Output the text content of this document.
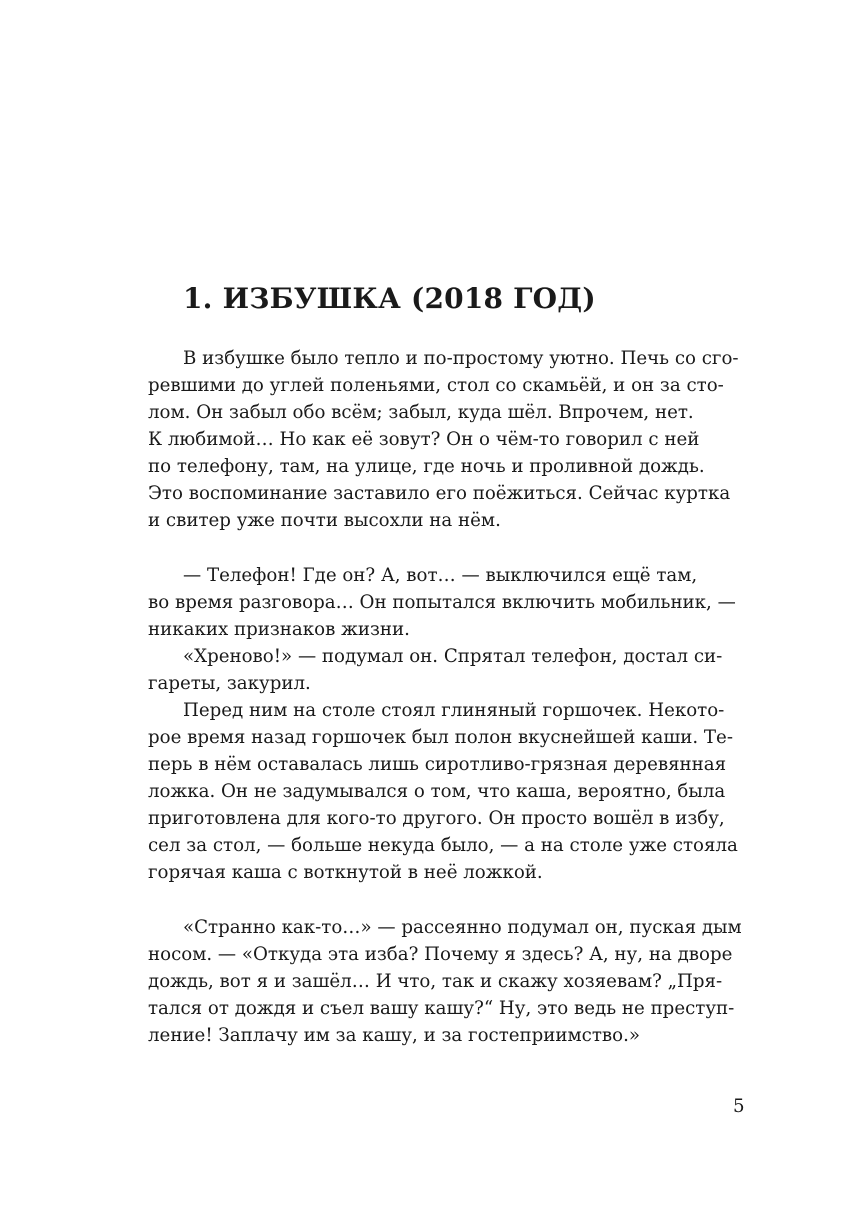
1. ИЗБУШКА (2018 ГОД)
В избушке было тепло и по-простому уютно. Печь со сго-
ревшими до углей поленьями, стол со скамьёй, и он за сто-
лом. Он забыл обо всём; забыл, куда шёл. Впрочем, нет.
К любимой… Но как её зовут? Он о чём-то говорил с ней
по телефону, там, на улице, где ночь и проливной дождь.
Это воспоминание заставило его поёжиться. Сейчас куртка
и свитер уже почти высохли на нём.
— Телефон! Где он? А, вот… — выключился ещё там,
во время разговора… Он попытался включить мобильник, —
никаких признаков жизни.
«Хреново!» — подумал он. Спрятал телефон, достал си-
гареты, закурил.
Перед ним на столе стоял глиняный горшочек. Некото-
рое время назад горшочек был полон вкуснейшей каши. Те-
перь в нём оставалась лишь сиротливо-грязная деревянная
ложка. Он не задумывался о том, что каша, вероятно, была
приготовлена для кого-то другого. Он просто вошёл в избу,
сел за стол, — больше некуда было, — а на столе уже стояла
горячая каша с воткнутой в неё ложкой.
«Странно как-то…» — рассеянно подумал он, пуская дым
носом. — «Откуда эта изба? Почему я здесь? А, ну, на дворе
дождь, вот я и зашёл… И что, так и скажу хозяевам? „Пря-
тался от дождя и съел вашу кашу?“ Ну, это ведь не преступ-
ление! Заплачу им за кашу, и за гостеприимство.»
5
